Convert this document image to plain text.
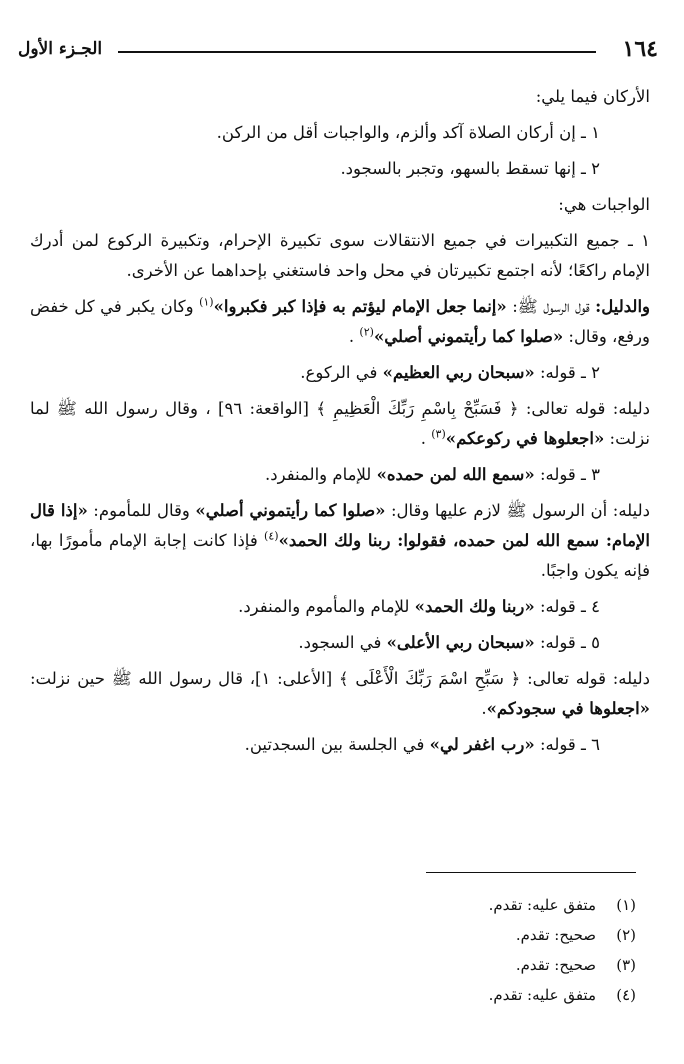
١٦٤
الجـزء الأول

الأركان فيما يلي:

١ ـ إن أركان الصلاة آكد وألزم، والواجبات أقل من الركن.

٢ ـ إنها تسقط بالسهو، وتجبر بالسجود.

الواجبات هي:

١ ـ جميع التكبيرات في جميع الانتقالات سوى تكبيرة الإحرام، وتكبيرة الركوع لمن أدرك الإمام راكعًا؛ لأنه اجتمع تكبيرتان في محل واحد فاستغني بإحداهما عن الأخرى.

والدليل: قول الرسول ﷺ: «إنما جعل الإمام ليؤتم به فإذا كبر فكبروا»$^{(١)}$ وكان يكبر في كل خفض ورفع، وقال: «صلوا كما رأيتموني أصلي»$^{(٢)}$ .

٢ ـ قوله: «سبحان ربي العظيم» في الركوع.

دليله: قوله تعالى: ﴿ فَسَبِّحْ بِاسْمِ رَبِّكَ الْعَظِيمِ ﴾ [الواقعة: ٩٦] ، وقال رسول الله ﷺ لما نزلت: «اجعلوها في ركوعكم»$^{(٣)}$ .

٣ ـ قوله: «سمع الله لمن حمده» للإمام والمنفرد.

دليله: أن الرسول ﷺ لازم عليها وقال: «صلوا كما رأيتموني أصلي» وقال للمأموم: «إذا قال الإمام: سمع الله لمن حمده، فقولوا: ربنا ولك الحمد»$^{(٤)}$ فإذا كانت إجابة الإمام مأمورًا بها، فإنه يكون واجبًا.

٤ ـ قوله: «ربنا ولك الحمد» للإمام والمأموم والمنفرد.

٥ ـ قوله: «سبحان ربي الأعلى» في السجود.

دليله: قوله تعالى: ﴿ سَبِّحِ اسْمَ رَبِّكَ الْأَعْلَى ﴾ [الأعلى: ١]، قال رسول الله ﷺ حين نزلت: «اجعلوها في سجودكم».

٦ ـ قوله: «رب اغفر لي» في الجلسة بين السجدتين.

(١)متفق عليه: تقدم.
(٢)صحيح: تقدم.
(٣)صحيح: تقدم.
(٤)متفق عليه: تقدم.
